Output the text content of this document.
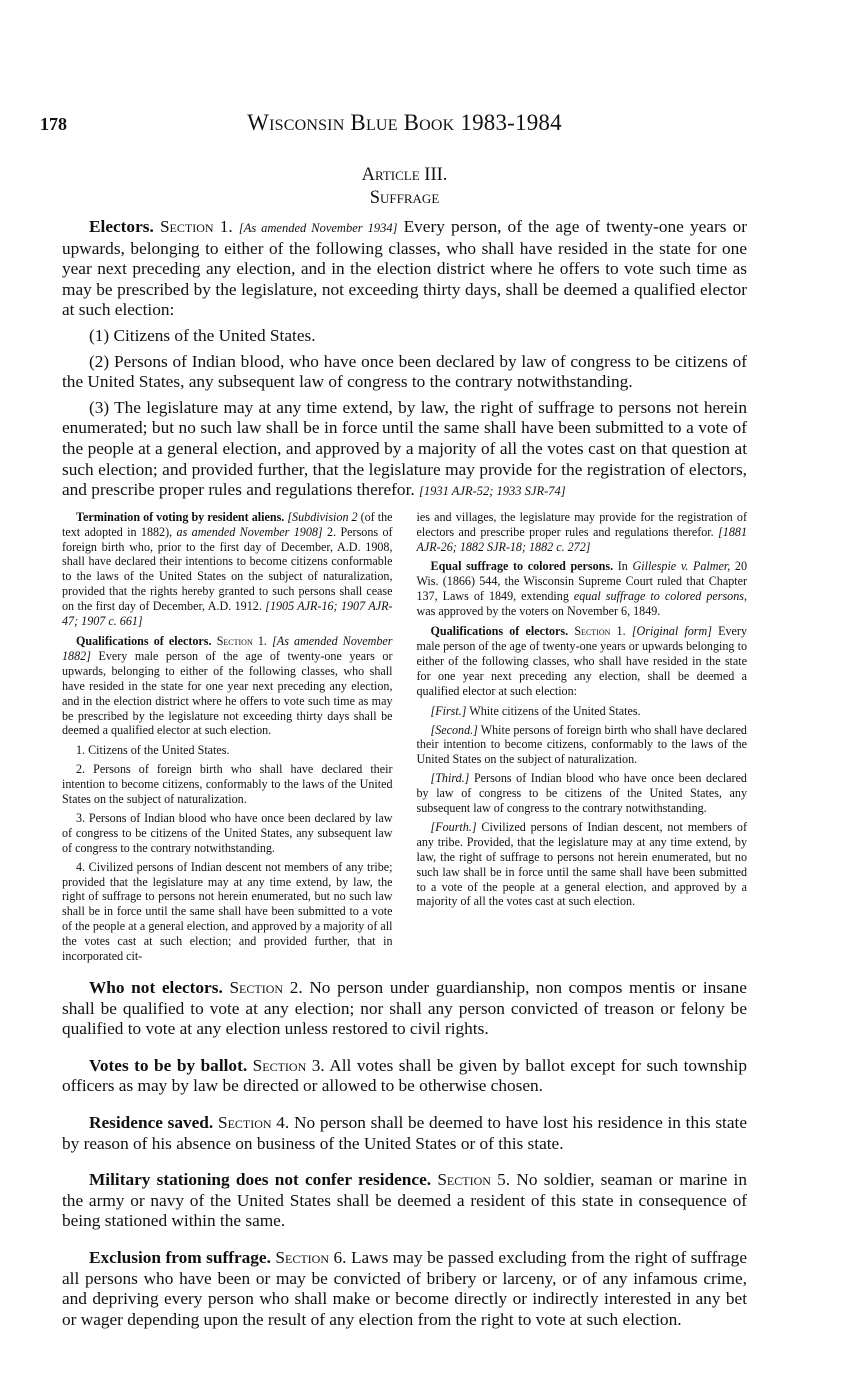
178	Wisconsin Blue Book 1983-1984
Article III.
Suffrage

Electors. Section 1. [As amended November 1934] Every person, of the age of twenty-one years or upwards, belonging to either of the following classes, who shall have resided in the state for one year next preceding any election, and in the election district where he offers to vote such time as may be prescribed by the legislature, not exceeding thirty days, shall be deemed a qualified elector at such election:

(1) Citizens of the United States.

(2) Persons of Indian blood, who have once been declared by law of congress to be citizens of the United States, any subsequent law of congress to the contrary notwithstanding.

(3) The legislature may at any time extend, by law, the right of suffrage to persons not herein enumerated; but no such law shall be in force until the same shall have been submitted to a vote of the people at a general election, and approved by a majority of all the votes cast on that question at such election; and provided further, that the legislature may provide for the registration of electors, and prescribe proper rules and regulations therefor. [1931 AJR-52; 1933 SJR-74]

Termination of voting by resident aliens. [Subdivision 2 (of the text adopted in 1882), as amended November 1908] 2. Persons of foreign birth who, prior to the first day of December, A.D. 1908, shall have declared their intentions to become citizens conformable to the laws of the United States on the subject of naturalization, provided that the rights hereby granted to such persons shall cease on the first day of December, A.D. 1912. [1905 AJR-16; 1907 AJR-47; 1907 c. 661]

Qualifications of electors. Section 1. [As amended November 1882] Every male person of the age of twenty-one years or upwards, belonging to either of the following classes, who shall have resided in the state for one year next preceding any election, and in the election district where he offers to vote such time as may be prescribed by the legislature not exceeding thirty days shall be deemed a qualified elector at such election.

1. Citizens of the United States.

2. Persons of foreign birth who shall have declared their intention to become citizens, conformably to the laws of the United States on the subject of naturalization.

3. Persons of Indian blood who have once been declared by law of congress to be citizens of the United States, any subsequent law of congress to the contrary notwithstanding.

4. Civilized persons of Indian descent not members of any tribe; provided that the legislature may at any time extend, by law, the right of suffrage to persons not herein enumerated, but no such law shall be in force until the same shall have been submitted to a vote of the people at a general election, and approved by a majority of all the votes cast at such election; and provided further, that in incorporated cit-

ies and villages, the legislature may provide for the registration of electors and prescribe proper rules and regulations therefor. [1881 AJR-26; 1882 SJR-18; 1882 c. 272]

Equal suffrage to colored persons. In Gillespie v. Palmer, 20 Wis. (1866) 544, the Wisconsin Supreme Court ruled that Chapter 137, Laws of 1849, extending equal suffrage to colored persons, was approved by the voters on November 6, 1849.

Qualifications of electors. Section 1. [Original form] Every male person of the age of twenty-one years or upwards belonging to either of the following classes, who shall have resided in the state for one year next preceding any election, shall be deemed a qualified elector at such election:

[First.] White citizens of the United States.

[Second.] White persons of foreign birth who shall have declared their intention to become citizens, conformably to the laws of the United States on the subject of naturalization.

[Third.] Persons of Indian blood who have once been declared by law of congress to be citizens of the United States, any subsequent law of congress to the contrary notwithstanding.

[Fourth.] Civilized persons of Indian descent, not members of any tribe. Provided, that the legislature may at any time extend, by law, the right of suffrage to persons not herein enumerated, but no such law shall be in force until the same shall have been submitted to a vote of the people at a general election, and approved by a majority of all the votes cast at such election.

Who not electors. Section 2. No person under guardianship, non compos mentis or insane shall be qualified to vote at any election; nor shall any person convicted of treason or felony be qualified to vote at any election unless restored to civil rights.

Votes to be by ballot. Section 3. All votes shall be given by ballot except for such township officers as may by law be directed or allowed to be otherwise chosen.

Residence saved. Section 4. No person shall be deemed to have lost his residence in this state by reason of his absence on business of the United States or of this state.

Military stationing does not confer residence. Section 5. No soldier, seaman or marine in the army or navy of the United States shall be deemed a resident of this state in consequence of being stationed within the same.

Exclusion from suffrage. Section 6. Laws may be passed excluding from the right of suffrage all persons who have been or may be convicted of bribery or larceny, or of any infamous crime, and depriving every person who shall make or become directly or indirectly interested in any bet or wager depending upon the result of any election from the right to vote at such election.
